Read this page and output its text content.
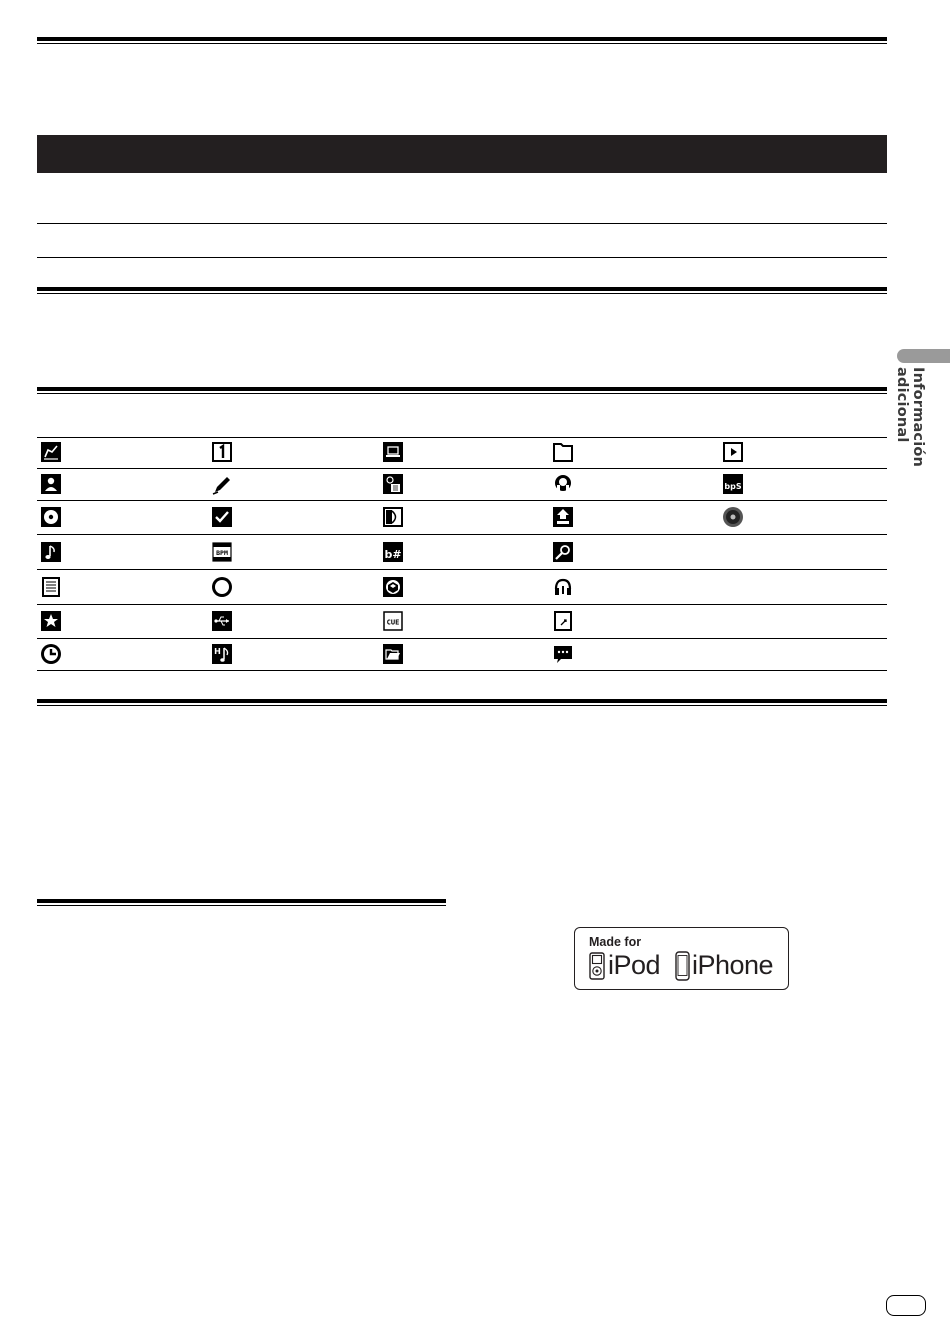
bpS
BPM	b#
CUE
H
Información adicional
Made for
iPod iPhone
